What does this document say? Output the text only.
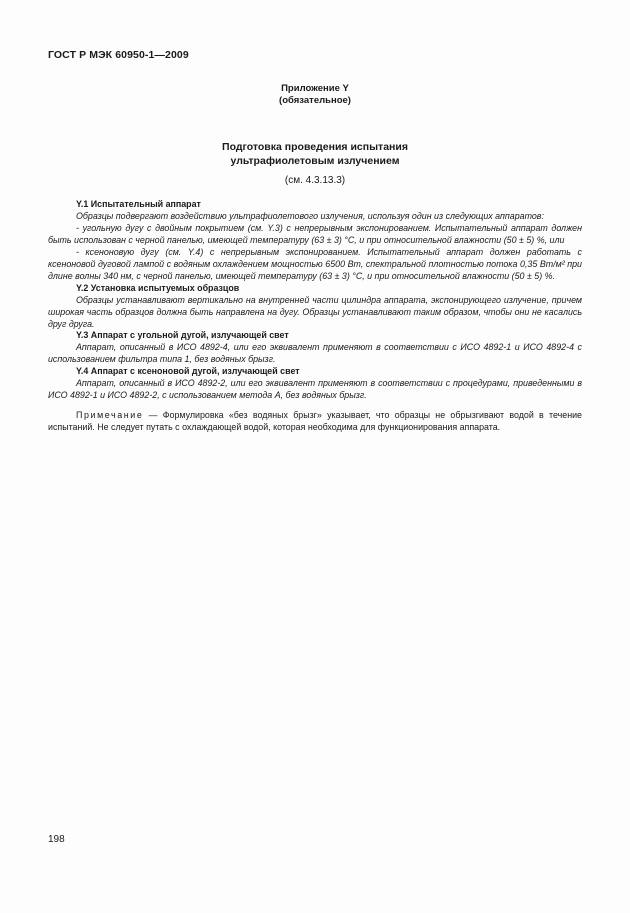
ГОСТ Р МЭК 60950-1—2009
Приложение Y
(обязательное)
Подготовка проведения испытания
ультрафиолетовым излучением
(см. 4.3.13.3)

Y.1 Испытательный аппарат

Образцы подвергают воздействию ультрафиолетового излучения, используя один из следующих аппаратов:

- угольную дугу с двойным покрытием (см. Y.3) с непрерывным экспонированием. Испытательный аппарат должен быть использован с черной панелью, имеющей температуру (63 ± 3) °С, и при относительной влажности (50 ± 5) %, или

- ксеноновую дугу (см. Y.4) с непрерывным экспонированием. Испытательный аппарат должен работать с ксеноновой дуговой лампой с водяным охлаждением мощностью 6500 Вт, спектральной плотностью потока 0,35 Вт/м² при длине волны 340 нм, с черной панелью, имеющей температуру (63 ± 3) °С, и при относительной влажности (50 ± 5) %.

Y.2 Установка испытуемых образцов

Образцы устанавливают вертикально на внутренней части цилиндра аппарата, экспонирующего излучение, причем широкая часть образцов должна быть направлена на дугу. Образцы устанавливают таким образом, чтобы они не касались друг друга.

Y.3 Аппарат с угольной дугой, излучающей свет

Аппарат, описанный в ИСО 4892-4, или его эквивалент применяют в соответствии с ИСО 4892-1 и ИСО 4892-4 с использованием фильтра типа 1, без водяных брызг.

Y.4 Аппарат с ксеноновой дугой, излучающей свет

Аппарат, описанный в ИСО 4892-2, или его эквивалент применяют в соответствии с процедурами, приведенными в ИСО 4892-1 и ИСО 4892-2, с использованием метода А, без водяных брызг.

Примечание — Формулировка «без водяных брызг» указывает, что образцы не обрызгивают водой в течение испытаний. Не следует путать с охлаждающей водой, которая необходима для функционирования аппарата.

198
